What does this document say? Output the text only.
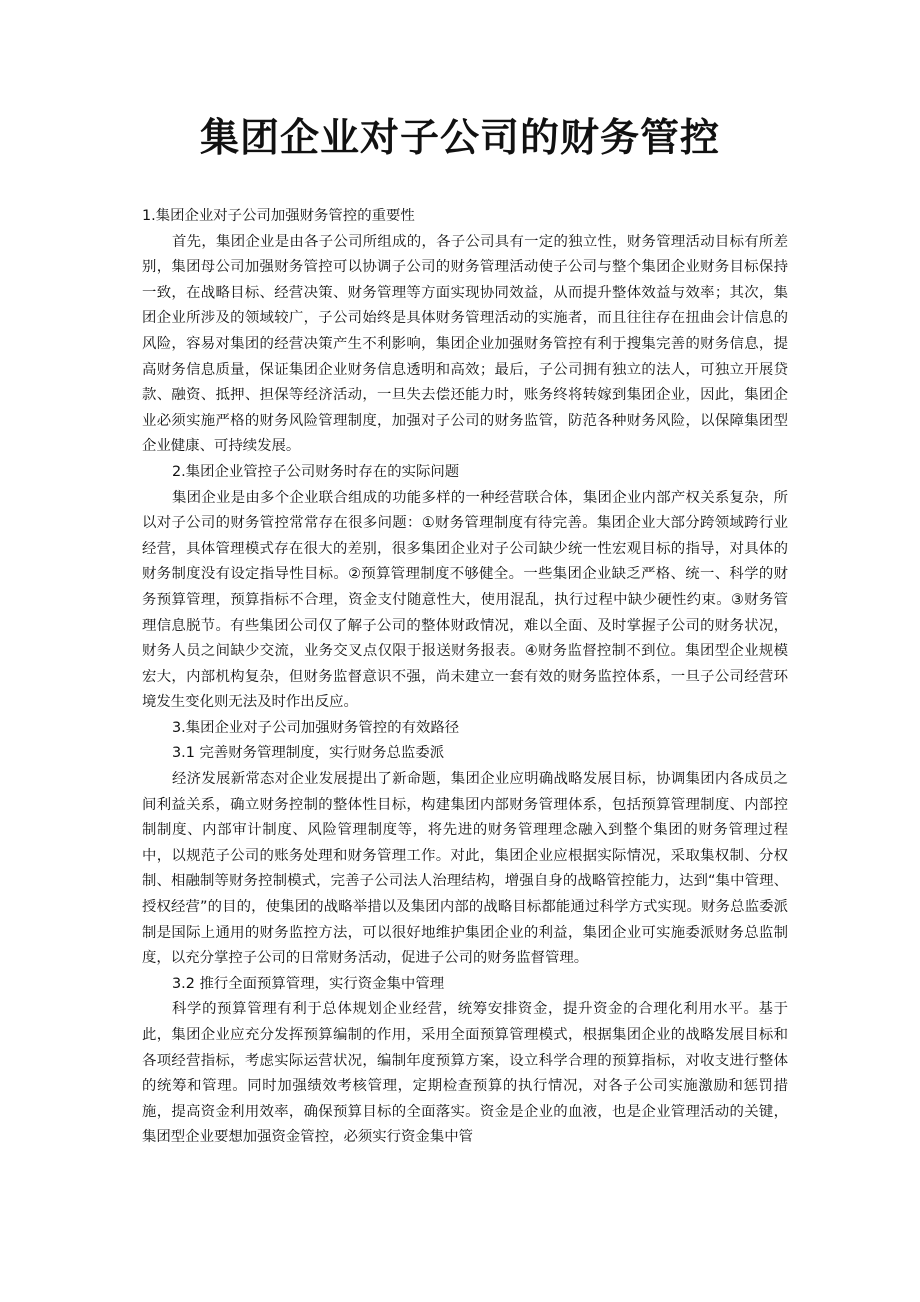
集团企业对子公司的财务管控

1.集团企业对子公司加强财务管控的重要性

首先，集团企业是由各子公司所组成的，各子公司具有一定的独立性，财务管理活动目标有所差别，集团母公司加强财务管控可以协调子公司的财务管理活动使子公司与整个集团企业财务目标保持一致，在战略目标、经营决策、财务管理等方面实现协同效益，从而提升整体效益与效率；其次，集团企业所涉及的领域较广，子公司始终是具体财务管理活动的实施者，而且往往存在扭曲会计信息的风险，容易对集团的经营决策产生不利影响，集团企业加强财务管控有利于搜集完善的财务信息，提高财务信息质量，保证集团企业财务信息透明和高效；最后，子公司拥有独立的法人，可独立开展贷款、融资、抵押、担保等经济活动，一旦失去偿还能力时，账务终将转嫁到集团企业，因此，集团企业必须实施严格的财务风险管理制度，加强对子公司的财务监管，防范各种财务风险，以保障集团型企业健康、可持续发展。

2.集团企业管控子公司财务时存在的实际问题

集团企业是由多个企业联合组成的功能多样的一种经营联合体，集团企业内部产权关系复杂，所以对子公司的财务管控常常存在很多问题：①财务管理制度有待完善。集团企业大部分跨领域跨行业经营，具体管理模式存在很大的差别，很多集团企业对子公司缺少统一性宏观目标的指导，对具体的财务制度没有设定指导性目标。②预算管理制度不够健全。一些集团企业缺乏严格、统一、科学的财务预算管理，预算指标不合理，资金支付随意性大，使用混乱，执行过程中缺少硬性约束。③财务管理信息脱节。有些集团公司仅了解子公司的整体财政情况，难以全面、及时掌握子公司的财务状况，财务人员之间缺少交流，业务交叉点仅限于报送财务报表。④财务监督控制不到位。集团型企业规模宏大，内部机构复杂，但财务监督意识不强，尚未建立一套有效的财务监控体系，一旦子公司经营环境发生变化则无法及时作出反应。

3.集团企业对子公司加强财务管控的有效路径

3.1 完善财务管理制度，实行财务总监委派

经济发展新常态对企业发展提出了新命题，集团企业应明确战略发展目标，协调集团内各成员之间利益关系，确立财务控制的整体性目标，构建集团内部财务管理体系，包括预算管理制度、内部控制制度、内部审计制度、风险管理制度等，将先进的财务管理理念融入到整个集团的财务管理过程中，以规范子公司的账务处理和财务管理工作。对此，集团企业应根据实际情况，采取集权制、分权制、相融制等财务控制模式，完善子公司法人治理结构，增强自身的战略管控能力，达到“集中管理、授权经营”的目的，使集团的战略举措以及集团内部的战略目标都能通过科学方式实现。财务总监委派制是国际上通用的财务监控方法，可以很好地维护集团企业的利益，集团企业可实施委派财务总监制度，以充分掌控子公司的日常财务活动，促进子公司的财务监督管理。

3.2 推行全面预算管理，实行资金集中管理

科学的预算管理有利于总体规划企业经营，统筹安排资金，提升资金的合理化利用水平。基于此，集团企业应充分发挥预算编制的作用，采用全面预算管理模式，根据集团企业的战略发展目标和各项经营指标，考虑实际运营状况，编制年度预算方案，设立科学合理的预算指标，对收支进行整体的统筹和管理。同时加强绩效考核管理，定期检查预算的执行情况，对各子公司实施激励和惩罚措施，提高资金利用效率，确保预算目标的全面落实。资金是企业的血液，也是企业管理活动的关键，集团型企业要想加强资金管控，必须实行资金集中管
